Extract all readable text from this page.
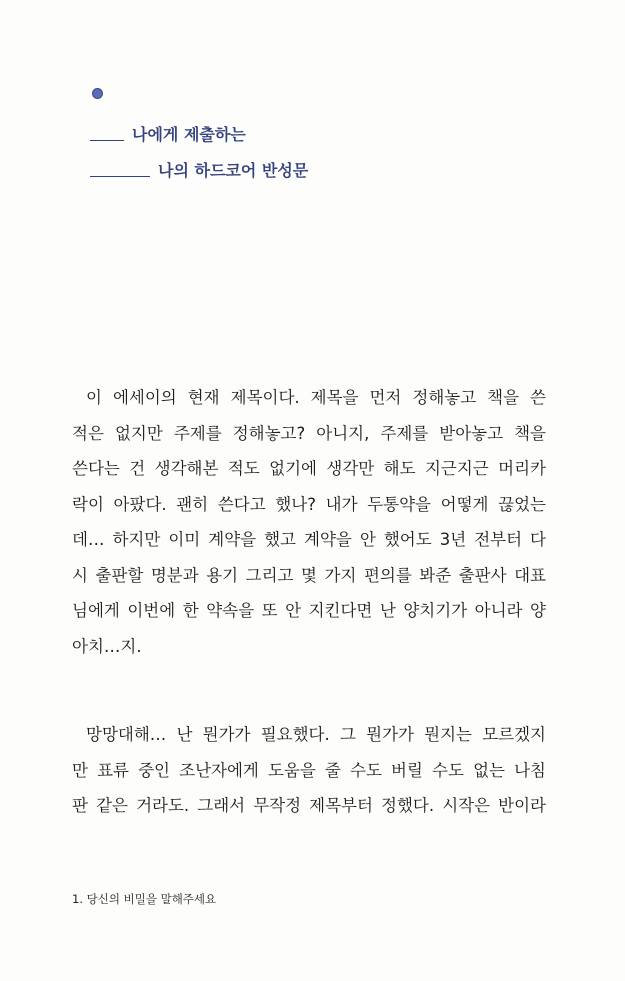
나에게 제출하는
나의 하드코어 반성문
이 에세이의 현재 제목이다. 제목을 먼저 정해놓고 책을 쓴
적은 없지만 주제를 정해놓고? 아니지, 주제를 받아놓고 책을
쓴다는 건 생각해본 적도 없기에 생각만 해도 지근지근 머리카
락이 아팠다. 괜히 쓴다고 했나? 내가 두통약을 어떻게 끊었는
데… 하지만 이미 계약을 했고 계약을 안 했어도 3년 전부터 다
시 출판할 명분과 용기 그리고 몇 가지 편의를 봐준 출판사 대표
님에게 이번에 한 약속을 또 안 지킨다면 난 양치기가 아니라 양
아치…지.
망망대해… 난 뭔가가 필요했다. 그 뭔가가 뭔지는 모르겠지
만 표류 중인 조난자에게 도움을 줄 수도 버릴 수도 없는 나침
판 같은 거라도. 그래서 무작정 제목부터 정했다. 시작은 반이라
1. 당신의 비밀을 말해주세요
